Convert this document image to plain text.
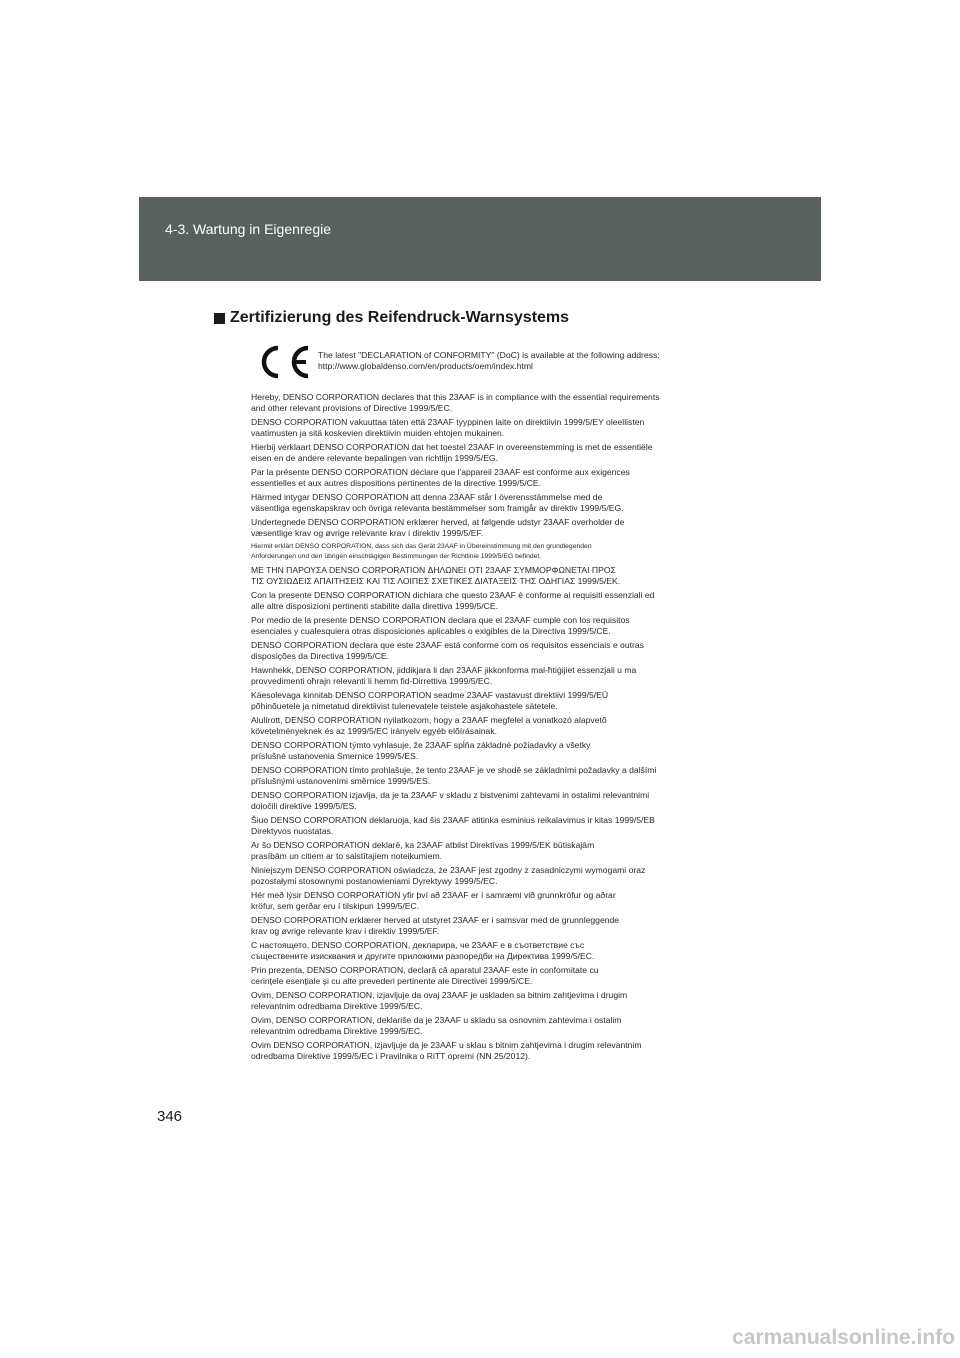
4-3. Wartung in Eigenregie
Zertifizierung des Reifendruck-Warnsystems
The latest "DECLARATION of CONFORMITY" (DoC) is available at the following address:
http://www.globaldenso.com/en/products/oem/index.html

Hereby, DENSO CORPORATION declares that this 23AAF is in compliance with the essential requirements
and other relevant provisions of Directive 1999/5/EC.

DENSO CORPORATION vakuuttaa täten että 23AAF tyyppinen laite on direktiivin 1999/5/EY oleellisten
vaatimusten ja sitä koskevien direktiivin muiden ehtojen mukainen.

Hierbij verklaart DENSO CORPORATION dat het toestel 23AAF in overeenstemming is met de essentiële
eisen en de andere relevante bepalingen van richtlijn 1999/5/EG.

Par la présente DENSO CORPORATION déclare que l'appareil 23AAF est conforme aux exigences
essentielles et aux autres dispositions pertinentes de la directive 1999/5/CE.

Härmed intygar DENSO CORPORATION att denna 23AAF står I överensstämmelse med de
väsentliga egenskapskrav och övriga relevanta bestämmelser som framgår av direktiv 1999/5/EG.

Undertegnede DENSO CORPORATION erklærer herved, at følgende udstyr 23AAF overholder de
væsentlige krav og øvrige relevante krav i direktiv 1999/5/EF.

Hiermit erklärt DENSO CORPORATION, dass sich das Gerät 23AAF in Übereinstimmung mit den grundlegenden
Anforderungen und den übrigen einschlägigen Bestimmungen der Richtlinie 1999/5/EG befindet.

ΜΕ ΤΗΝ ΠΑΡΟΥΣΑ DENSO CORPORATION ΔΗΛΩΝΕΙ ΟΤΙ 23AAF ΣΥΜΜΟΡΦΩΝΕΤΑΙ ΠΡΟΣ
ΤΙΣ ΟΥΣΙΩΔΕΙΣ ΑΠΑΙΤΗΣΕΙΣ ΚΑΙ ΤΙΣ ΛΟΙΠΕΣ ΣΧΕΤΙΚΕΣ ΔΙΑΤΑΞΕΙΣ ΤΗΣ ΟΔΗΓΙΑΣ 1999/5/ΕΚ.

Con la presente DENSO CORPORATION dichiara che questo 23AAF è conforme ai requisiti essenziali ed
alle altre disposizioni pertinenti stabilite dalla direttiva 1999/5/CE.

Por medio de la presente DENSO CORPORATION declara que el 23AAF cumple con los requisitos
esenciales y cualesquiera otras disposiciones aplicables o exigibles de la Directiva 1999/5/CE.

DENSO CORPORATION declara que este 23AAF está conforme com os requisitos essenciais e outras
disposições da Directiva 1999/5/CE.

Hawnhekk, DENSO CORPORATION, jiddikjara li dan 23AAF jikkonforma mal-ħtiġijiet essenzjali u ma
provvedimenti oħrajn relevanti li hemm fid-Dirrettiva 1999/5/EC.

Käesolevaga kinnitab DENSO CORPORATION seadme 23AAF vastavust direktiivi 1999/5/EÜ
põhinõuetele ja nimetatud direktiivist tulenevatele teistele asjakohastele sätetele.

Alulírott, DENSO CORPORATION nyilatkozom, hogy a 23AAF megfelel a vonatkozó alapvetõ
követelményeknek és az 1999/5/EC irányelv egyéb elõírásainak.

DENSO CORPORATION týmto vyhlasuje, že 23AAF spĺňa základné požiadavky a všetky
príslušné ustanovenia Smernice 1999/5/ES.

DENSO CORPORATION tímto prohlašuje, že tento 23AAF je ve shodě se základními požadavky a dalšími
příslušnými ustanoveními směrnice 1999/5/ES.

DENSO CORPORATION izjavlja, da je ta 23AAF v skladu z bistvenimi zahtevami in ostalimi relevantnimi
določili direktive 1999/5/ES.

Šiuo DENSO CORPORATION deklaruoja, kad šis 23AAF atitinka esminius reikalavimus ir kitas 1999/5/EB
Direktyvos nuostatas.

Ar šo DENSO CORPORATION deklarē, ka 23AAF atbilst Direktīvas 1999/5/EK būtiskajām
prasībām un citiem ar to saistītajiem noteikumiem.

Niniejszym DENSO CORPORATION oświadcza, że 23AAF jest zgodny z zasadniczymi wymogami oraz
pozostałymi stosownymi postanowieniami Dyrektywy 1999/5/EC.

Hér með lýsir DENSO CORPORATION yfir því að 23AAF er í samræmi við grunnkröfur og aðrar
kröfur, sem gerðar eru í tilskipun 1999/5/EC.

DENSO CORPORATION erklærer herved at utstyret 23AAF er i samsvar med de grunnleggende
krav og øvrige relevante krav i direktiv 1999/5/EF.

С настоящето, DENSO CORPORATION, декларира, че 23AAF е в съответствие със
съществените изисквания и другите приложими разпоредби на Директива 1999/5/EC.

Prin prezenta, DENSO CORPORATION, declară că aparatul 23AAF este in conformitate cu
cerințele esențiale și cu alte prevederi pertinente ale Directivei 1999/5/CE.

Ovim, DENSO CORPORATION, izjavljuje da ovaj 23AAF je uskladen sa bitnim zahtjevima i drugim
relevantnim odredbama Direktive 1999/5/EC.

Ovim, DENSO CORPORATION, deklariše da je 23AAF u skladu sa osnovnim zahtevima i ostalim
relevantnim odredbama Direktive 1999/5/EC.

Ovim DENSO CORPORATION, izjavljuje da je 23AAF u sklau s bitnim zahtjevima i drugim relevantnim
odredbama Direktive 1999/5/EC i Pravilnika o RiTT opremi (NN 25/2012).

346
carmanualsonline.info
